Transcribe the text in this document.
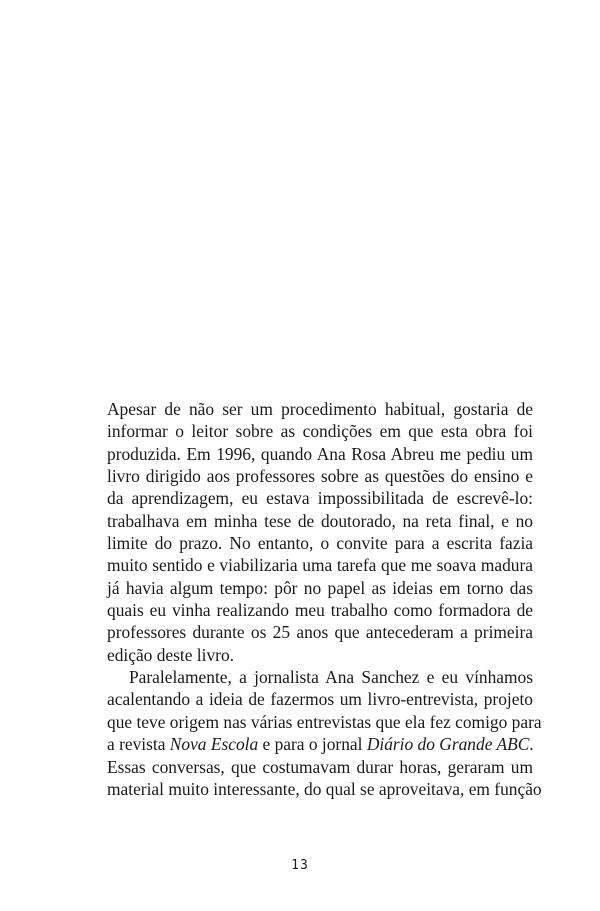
Apesar de não ser um procedimento habitual, gostaria de
informar o leitor sobre as condições em que esta obra foi
produzida. Em 1996, quando Ana Rosa Abreu me pediu um
livro dirigido aos professores sobre as questões do ensino e
da aprendizagem, eu estava impossibilitada de escrevê-lo:
trabalhava em minha tese de doutorado, na reta final, e no
limite do prazo. No entanto, o convite para a escrita fazia
muito sentido e viabilizaria uma tarefa que me soava madura
já havia algum tempo: pôr no papel as ideias em torno das
quais eu vinha realizando meu trabalho como formadora de
professores durante os 25 anos que antecederam a primeira
edição deste livro.
Paralelamente, a jornalista Ana Sanchez e eu vínhamos
acalentando a ideia de fazermos um livro-entrevista, projeto
que teve origem nas várias entrevistas que ela fez comigo para
a revista Nova Escola e para o jornal Diário do Grande ABC.
Essas conversas, que costumavam durar horas, geraram um
material muito interessante, do qual se aproveitava, em função
13
